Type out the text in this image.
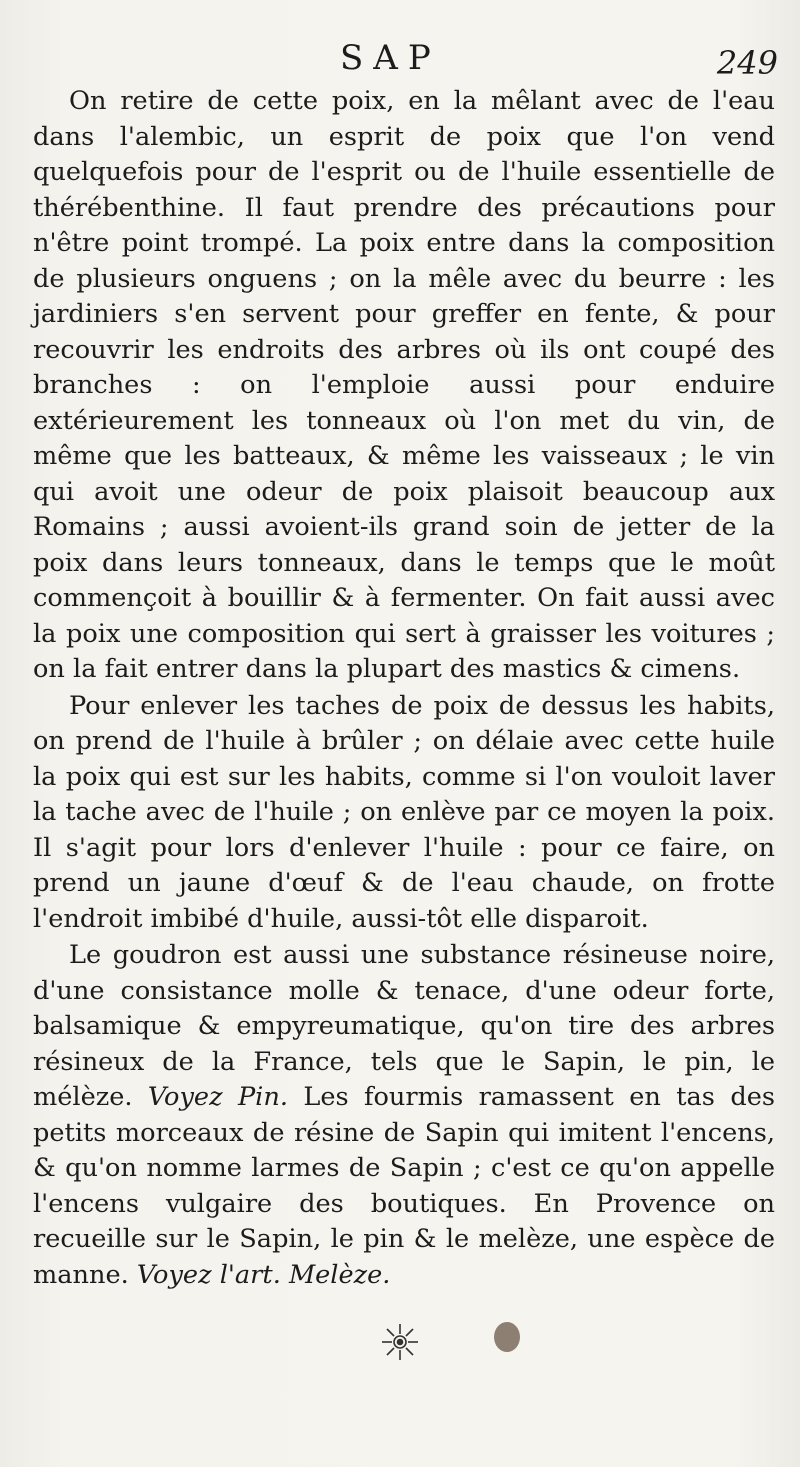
SAP	249

On retire de cette poix, en la mêlant avec de l'eau dans l'alembic, un esprit de poix que l'on vend quelquefois pour de l'esprit ou de l'huile essentielle de thérébenthine. Il faut prendre des précautions pour n'être point trompé. La poix entre dans la composition de plusieurs onguens ; on la mêle avec du beurre : les jardiniers s'en servent pour greffer en fente, & pour recouvrir les endroits des arbres où ils ont coupé des branches : on l'emploie aussi pour enduire extérieurement les tonneaux où l'on met du vin, de même que les batteaux, & même les vaisseaux ; le vin qui avoit une odeur de poix plaisoit beaucoup aux Romains ; aussi avoient-ils grand soin de jetter de la poix dans leurs tonneaux, dans le temps que le moût commençoit à bouillir & à fermenter. On fait aussi avec la poix une composition qui sert à graisser les voitures ; on la fait entrer dans la plupart des mastics & cimens.

Pour enlever les taches de poix de dessus les habits, on prend de l'huile à brûler ; on délaie avec cette huile la poix qui est sur les habits, comme si l'on vouloit laver la tache avec de l'huile ; on enlève par ce moyen la poix. Il s'agit pour lors d'enlever l'huile : pour ce faire, on prend un jaune d'œuf & de l'eau chaude, on frotte l'endroit imbibé d'huile, aussi-tôt elle disparoit.

Le goudron est aussi une substance résineuse noire, d'une consistance molle & tenace, d'une odeur forte, balsamique & empyreumatique, qu'on tire des arbres résineux de la France, tels que le Sapin, le pin, le mélèze. Voyez Pin. Les fourmis ramassent en tas des petits morceaux de résine de Sapin qui imitent l'encens, & qu'on nomme larmes de Sapin ; c'est ce qu'on appelle l'encens vulgaire des boutiques. En Provence on recueille sur le Sapin, le pin & le melèze, une espèce de manne. Voyez l'art. Melèze.
